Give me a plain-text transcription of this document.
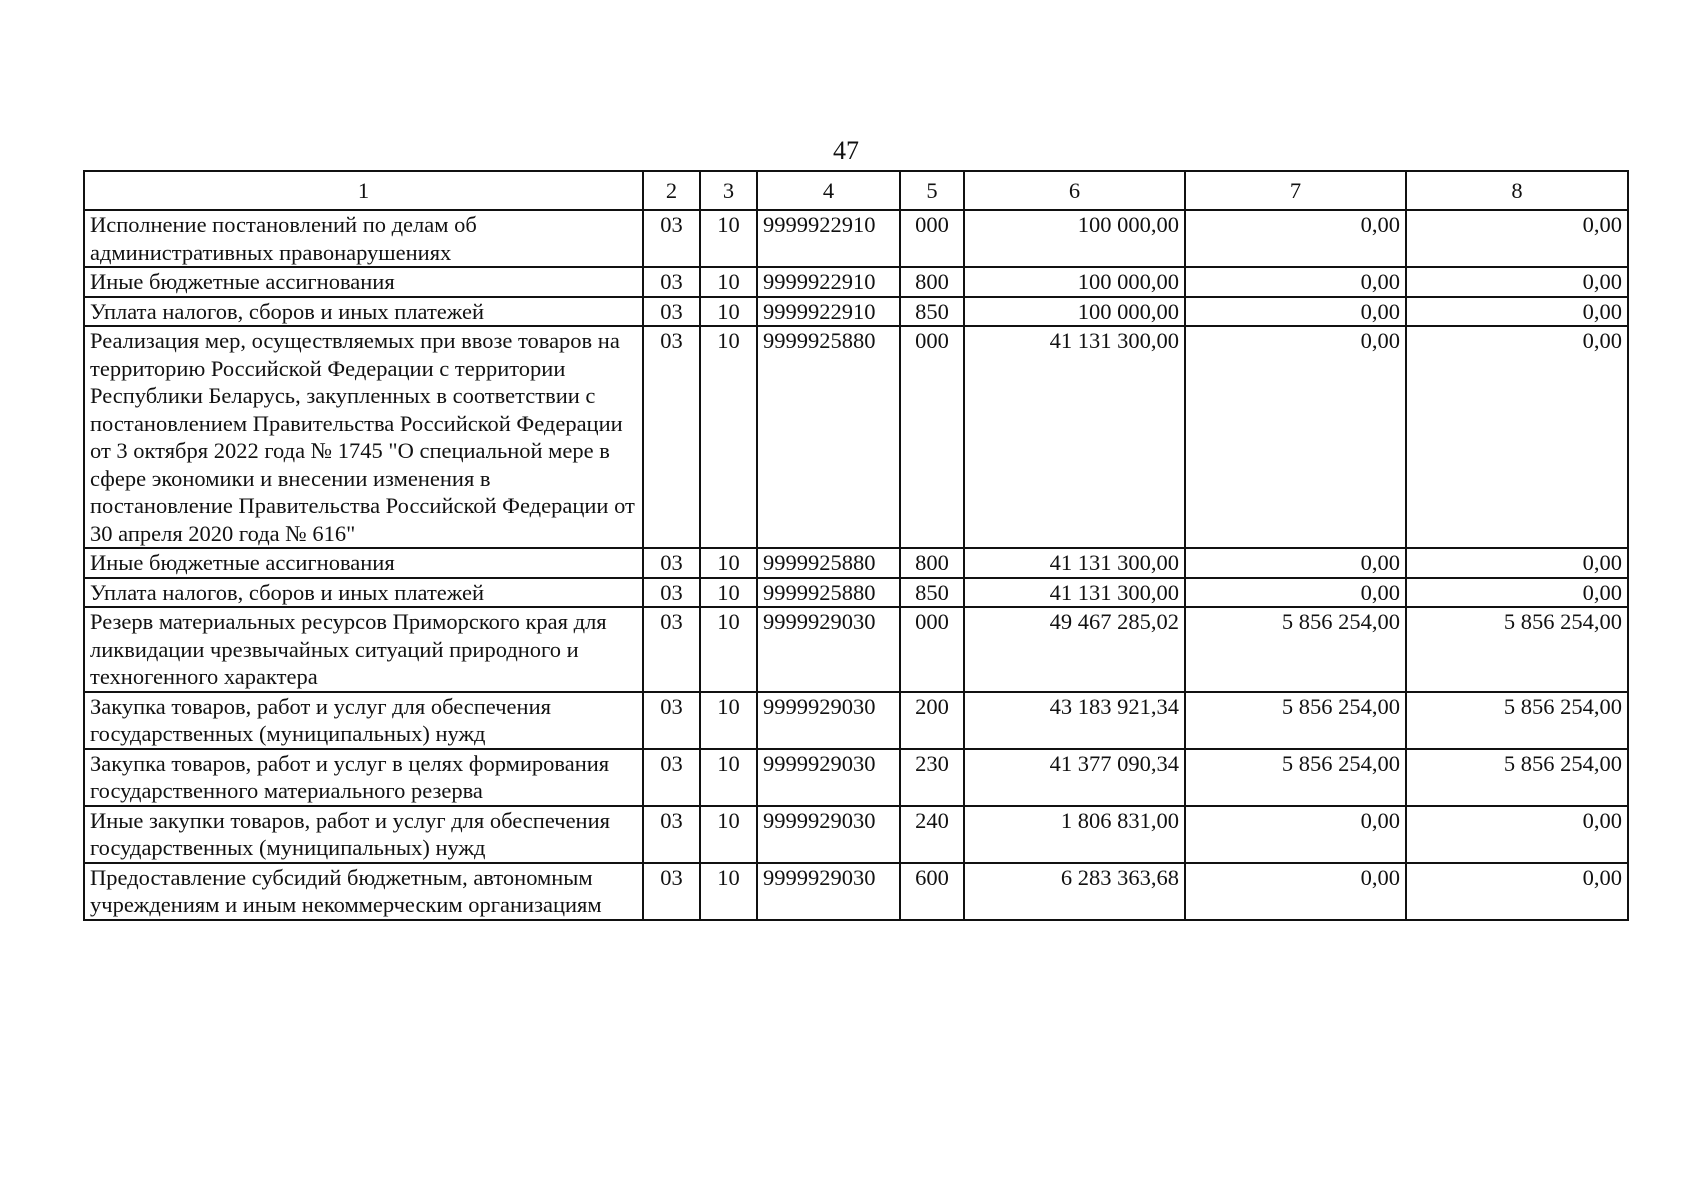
47
1	2	3	4	5	6	7	8
Исполнение постановлений по делам об административных правонарушениях	03	10	9999922910	000	100 000,00	0,00	0,00
Иные бюджетные ассигнования	03	10	9999922910	800	100 000,00	0,00	0,00
Уплата налогов, сборов и иных платежей	03	10	9999922910	850	100 000,00	0,00	0,00
Реализация мер, осуществляемых при ввозе товаров на территорию Российской Федерации с территории Республики Беларусь, закупленных в соответствии с постановлением Правительства Российской Федерации от 3 октября 2022 года № 1745 "О специальной мере в сфере экономики и внесении изменения в постановление Правительства Российской Федерации от 30 апреля 2020 года № 616"	03	10	9999925880	000	41 131 300,00	0,00	0,00
Иные бюджетные ассигнования	03	10	9999925880	800	41 131 300,00	0,00	0,00
Уплата налогов, сборов и иных платежей	03	10	9999925880	850	41 131 300,00	0,00	0,00
Резерв материальных ресурсов Приморского края для ликвидации чрезвычайных ситуаций природного и техногенного характера	03	10	9999929030	000	49 467 285,02	5 856 254,00	5 856 254,00
Закупка товаров, работ и услуг для обеспечения государственных (муниципальных) нужд	03	10	9999929030	200	43 183 921,34	5 856 254,00	5 856 254,00
Закупка товаров, работ и услуг в целях формирования государственного материального резерва	03	10	9999929030	230	41 377 090,34	5 856 254,00	5 856 254,00
Иные закупки товаров, работ и услуг для обеспечения государственных (муниципальных) нужд	03	10	9999929030	240	1 806 831,00	0,00	0,00
Предоставление субсидий бюджетным, автономным учреждениям и иным некоммерческим организациям	03	10	9999929030	600	6 283 363,68	0,00	0,00
